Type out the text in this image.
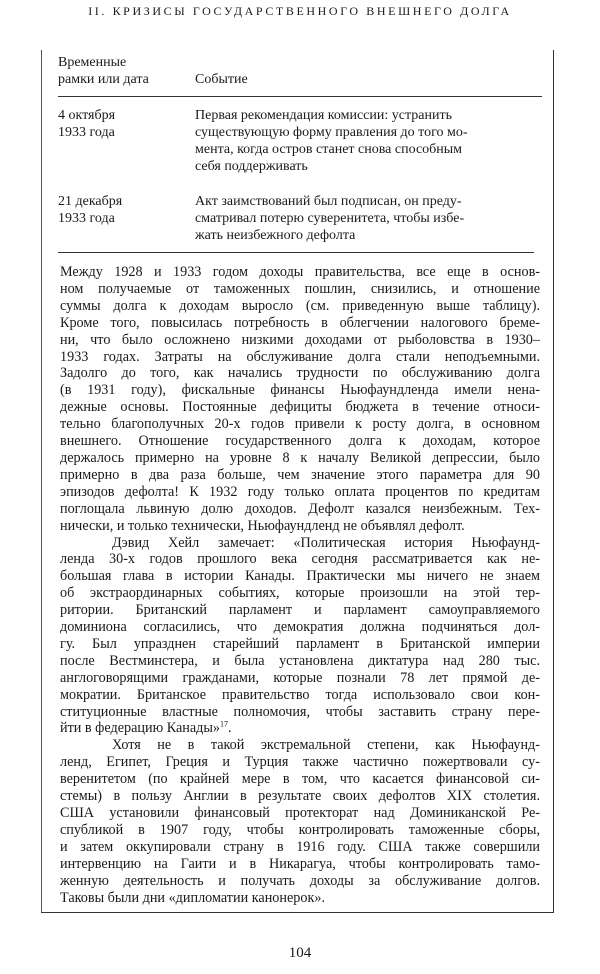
II. КРИЗИСЫ ГОСУДАРСТВЕННОГО ВНЕШНЕГО ДОЛГА
Временные
рамки или дата	Событие
4 октября
1933 года
Первая рекомендация комиссии: устранить
существующую форму правления до того мо-
мента, когда остров станет снова способным
себя поддерживать
21 декабря
1933 года
Акт заимствований был подписан, он преду-
сматривал потерю суверенитета, чтобы избе-
жать неизбежного дефолта
Между 1928 и 1933 годом доходы правительства, все еще в основ-
ном получаемые от таможенных пошлин, снизились, и отношение
суммы долга к доходам выросло (см. приведенную выше таблицу).
Кроме того, повысилась потребность в облегчении налогового бреме-
ни, что было осложнено низкими доходами от рыболовства в 1930–
1933 годах. Затраты на обслуживание долга стали неподъемными.
Задолго до того, как начались трудности по обслуживанию долга
(в 1931 году), фискальные финансы Ньюфаундленда имели нена-
дежные основы. Постоянные дефициты бюджета в течение относи-
тельно благополучных 20-х годов привели к росту долга, в основном
внешнего. Отношение государственного долга к доходам, которое
держалось примерно на уровне 8 к началу Великой депрессии, было
примерно в два раза больше, чем значение этого параметра для 90
эпизодов дефолта! К 1932 году только оплата процентов по кредитам
поглощала львиную долю доходов. Дефолт казался неизбежным. Тех-
нически, и только технически, Ньюфаундленд не объявлял дефолт.
Дэвид Хейл замечает: «Политическая история Ньюфаунд-
ленда 30-х годов прошлого века сегодня рассматривается как не-
большая глава в истории Канады. Практически мы ничего не знаем
об экстраординарных событиях, которые произошли на этой тер-
ритории. Британский парламент и парламент самоуправляемого
доминиона согласились, что демократия должна подчиняться дол-
гу. Был упразднен старейший парламент в Британской империи
после Вестминстера, и была установлена диктатура над 280 тыс.
англоговорящими гражданами, которые познали 78 лет прямой де-
мократии. Британское правительство тогда использовало свои кон-
ституционные властные полномочия, чтобы заставить страну пере-
йти в федерацию Канады»$^{17}$.
Хотя не в такой экстремальной степени, как Ньюфаунд-
ленд, Египет, Греция и Турция также частично пожертвовали су-
веренитетом (по крайней мере в том, что касается финансовой си-
стемы) в пользу Англии в результате своих дефолтов XIX столетия.
США установили финансовый протекторат над Доминиканской Ре-
спубликой в 1907 году, чтобы контролировать таможенные сборы,
и затем оккупировали страну в 1916 году. США также совершили
интервенцию на Гаити и в Никарагуа, чтобы контролировать тамо-
женную деятельность и получать доходы за обслуживание долгов.
Таковы были дни «дипломатии канонерок».
104
